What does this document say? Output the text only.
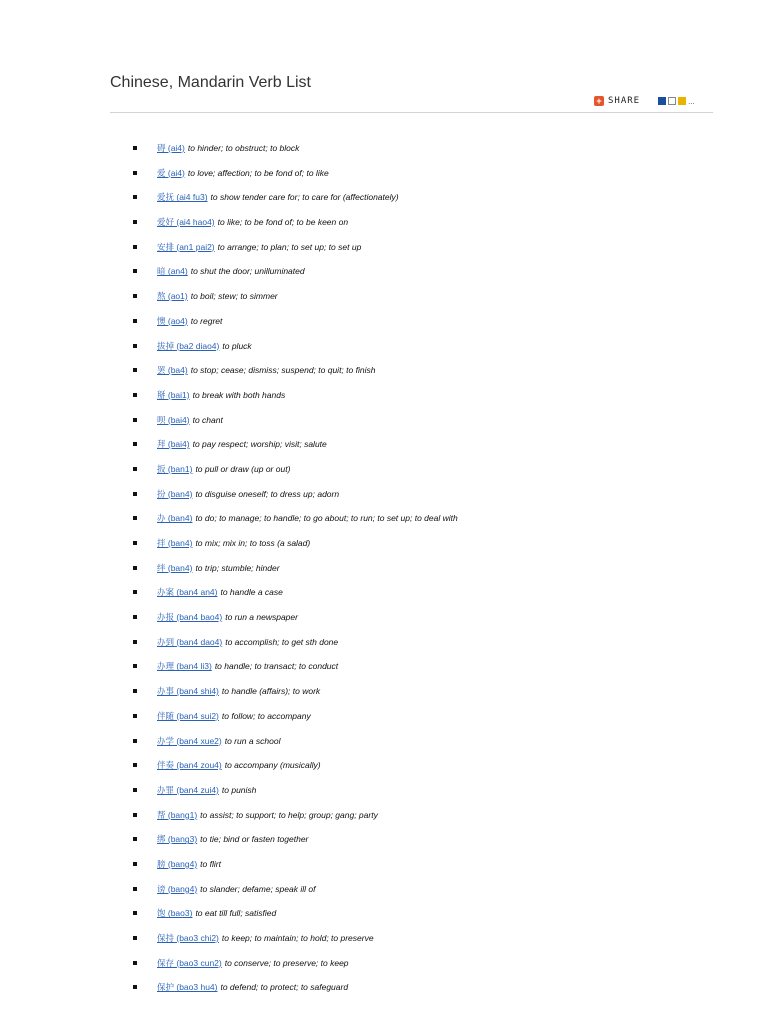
Chinese, Mandarin Verb List
+ SHARE	...
碍 (ai4) to hinder; to obstruct; to block
爱 (ai4) to love; affection; to be fond of; to like
爱抚 (ai4 fu3) to show tender care for; to care for (affectionately)
爱好 (ai4 hao4) to like; to be fond of; to be keen on
安排 (an1 pai2) to arrange; to plan; to set up; to set up
暗 (an4) to shut the door; unilluminated
熬 (ao1) to boil; stew; to simmer
懊 (ao4) to regret
拔掉 (ba2 diao4) to pluck
罢 (ba4) to stop; cease; dismiss; suspend; to quit; to finish
掰 (bai1) to break with both hands
呗 (bai4) to chant
拜 (bai4) to pay respect; worship; visit; salute
扳 (ban1) to pull or draw (up or out)
扮 (ban4) to disguise oneself; to dress up; adorn
办 (ban4) to do; to manage; to handle; to go about; to run; to set up; to deal with
拌 (ban4) to mix; mix in; to toss (a salad)
绊 (ban4) to trip; stumble; hinder
办案 (ban4 an4) to handle a case
办报 (ban4 bao4) to run a newspaper
办到 (ban4 dao4) to accomplish; to get sth done
办理 (ban4 li3) to handle; to transact; to conduct
办事 (ban4 shi4) to handle (affairs); to work
伴随 (ban4 sui2) to follow; to accompany
办学 (ban4 xue2) to run a school
伴奏 (ban4 zou4) to accompany (musically)
办罪 (ban4 zui4) to punish
帮 (bang1) to assist; to support; to help; group; gang; party
绑 (bang3) to tie; bind or fasten together
膀 (bang4) to flirt
谤 (bang4) to slander; defame; speak ill of
饱 (bao3) to eat till full; satisfied
保持 (bao3 chi2) to keep; to maintain; to hold; to preserve
保存 (bao3 cun2) to conserve; to preserve; to keep
保护 (bao3 hu4) to defend; to protect; to safeguard
